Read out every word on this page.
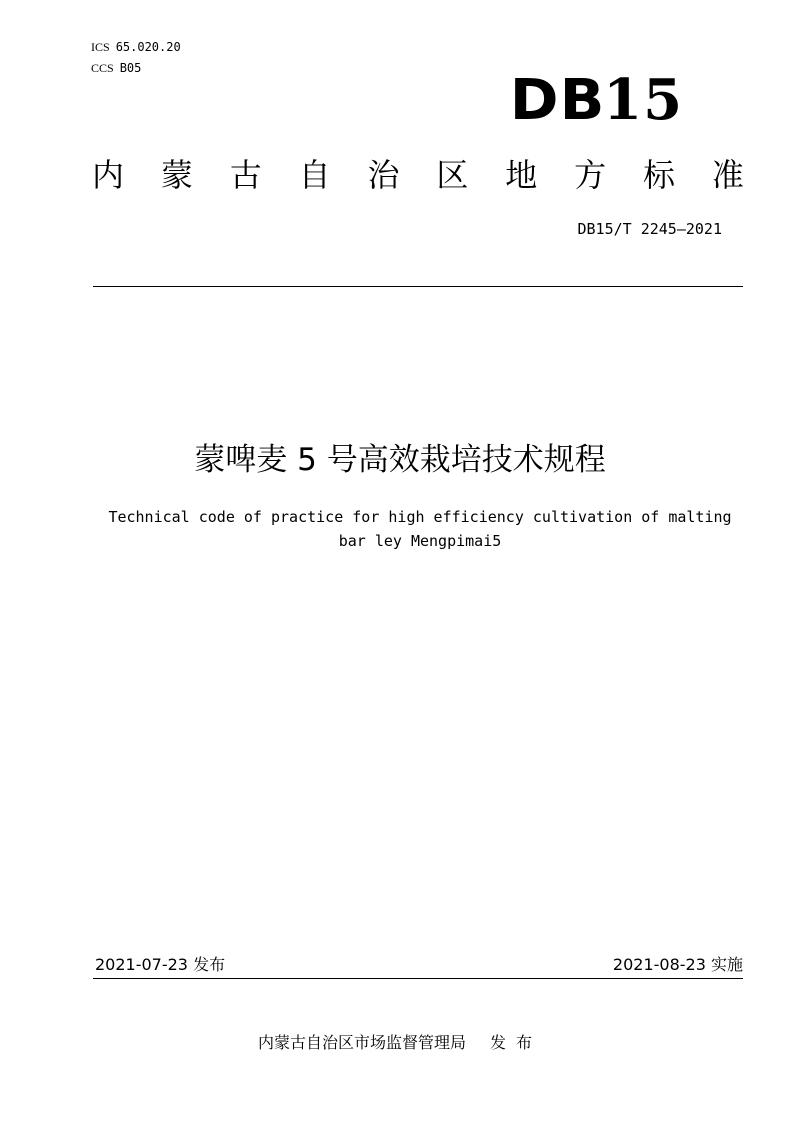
ICS 65.020.20
CCS B05	DB15
内 蒙 古 自 治 区 地 方 标 准
DB15/T 2245—2021
蒙啤麦 5 号高效栽培技术规程
Technical code of practice for high efficiency cultivation of malting
bar ley Mengpimai5
2021-07-23 发布	2021-08-23 实施
内蒙古自治区市场监督管理局 发布
